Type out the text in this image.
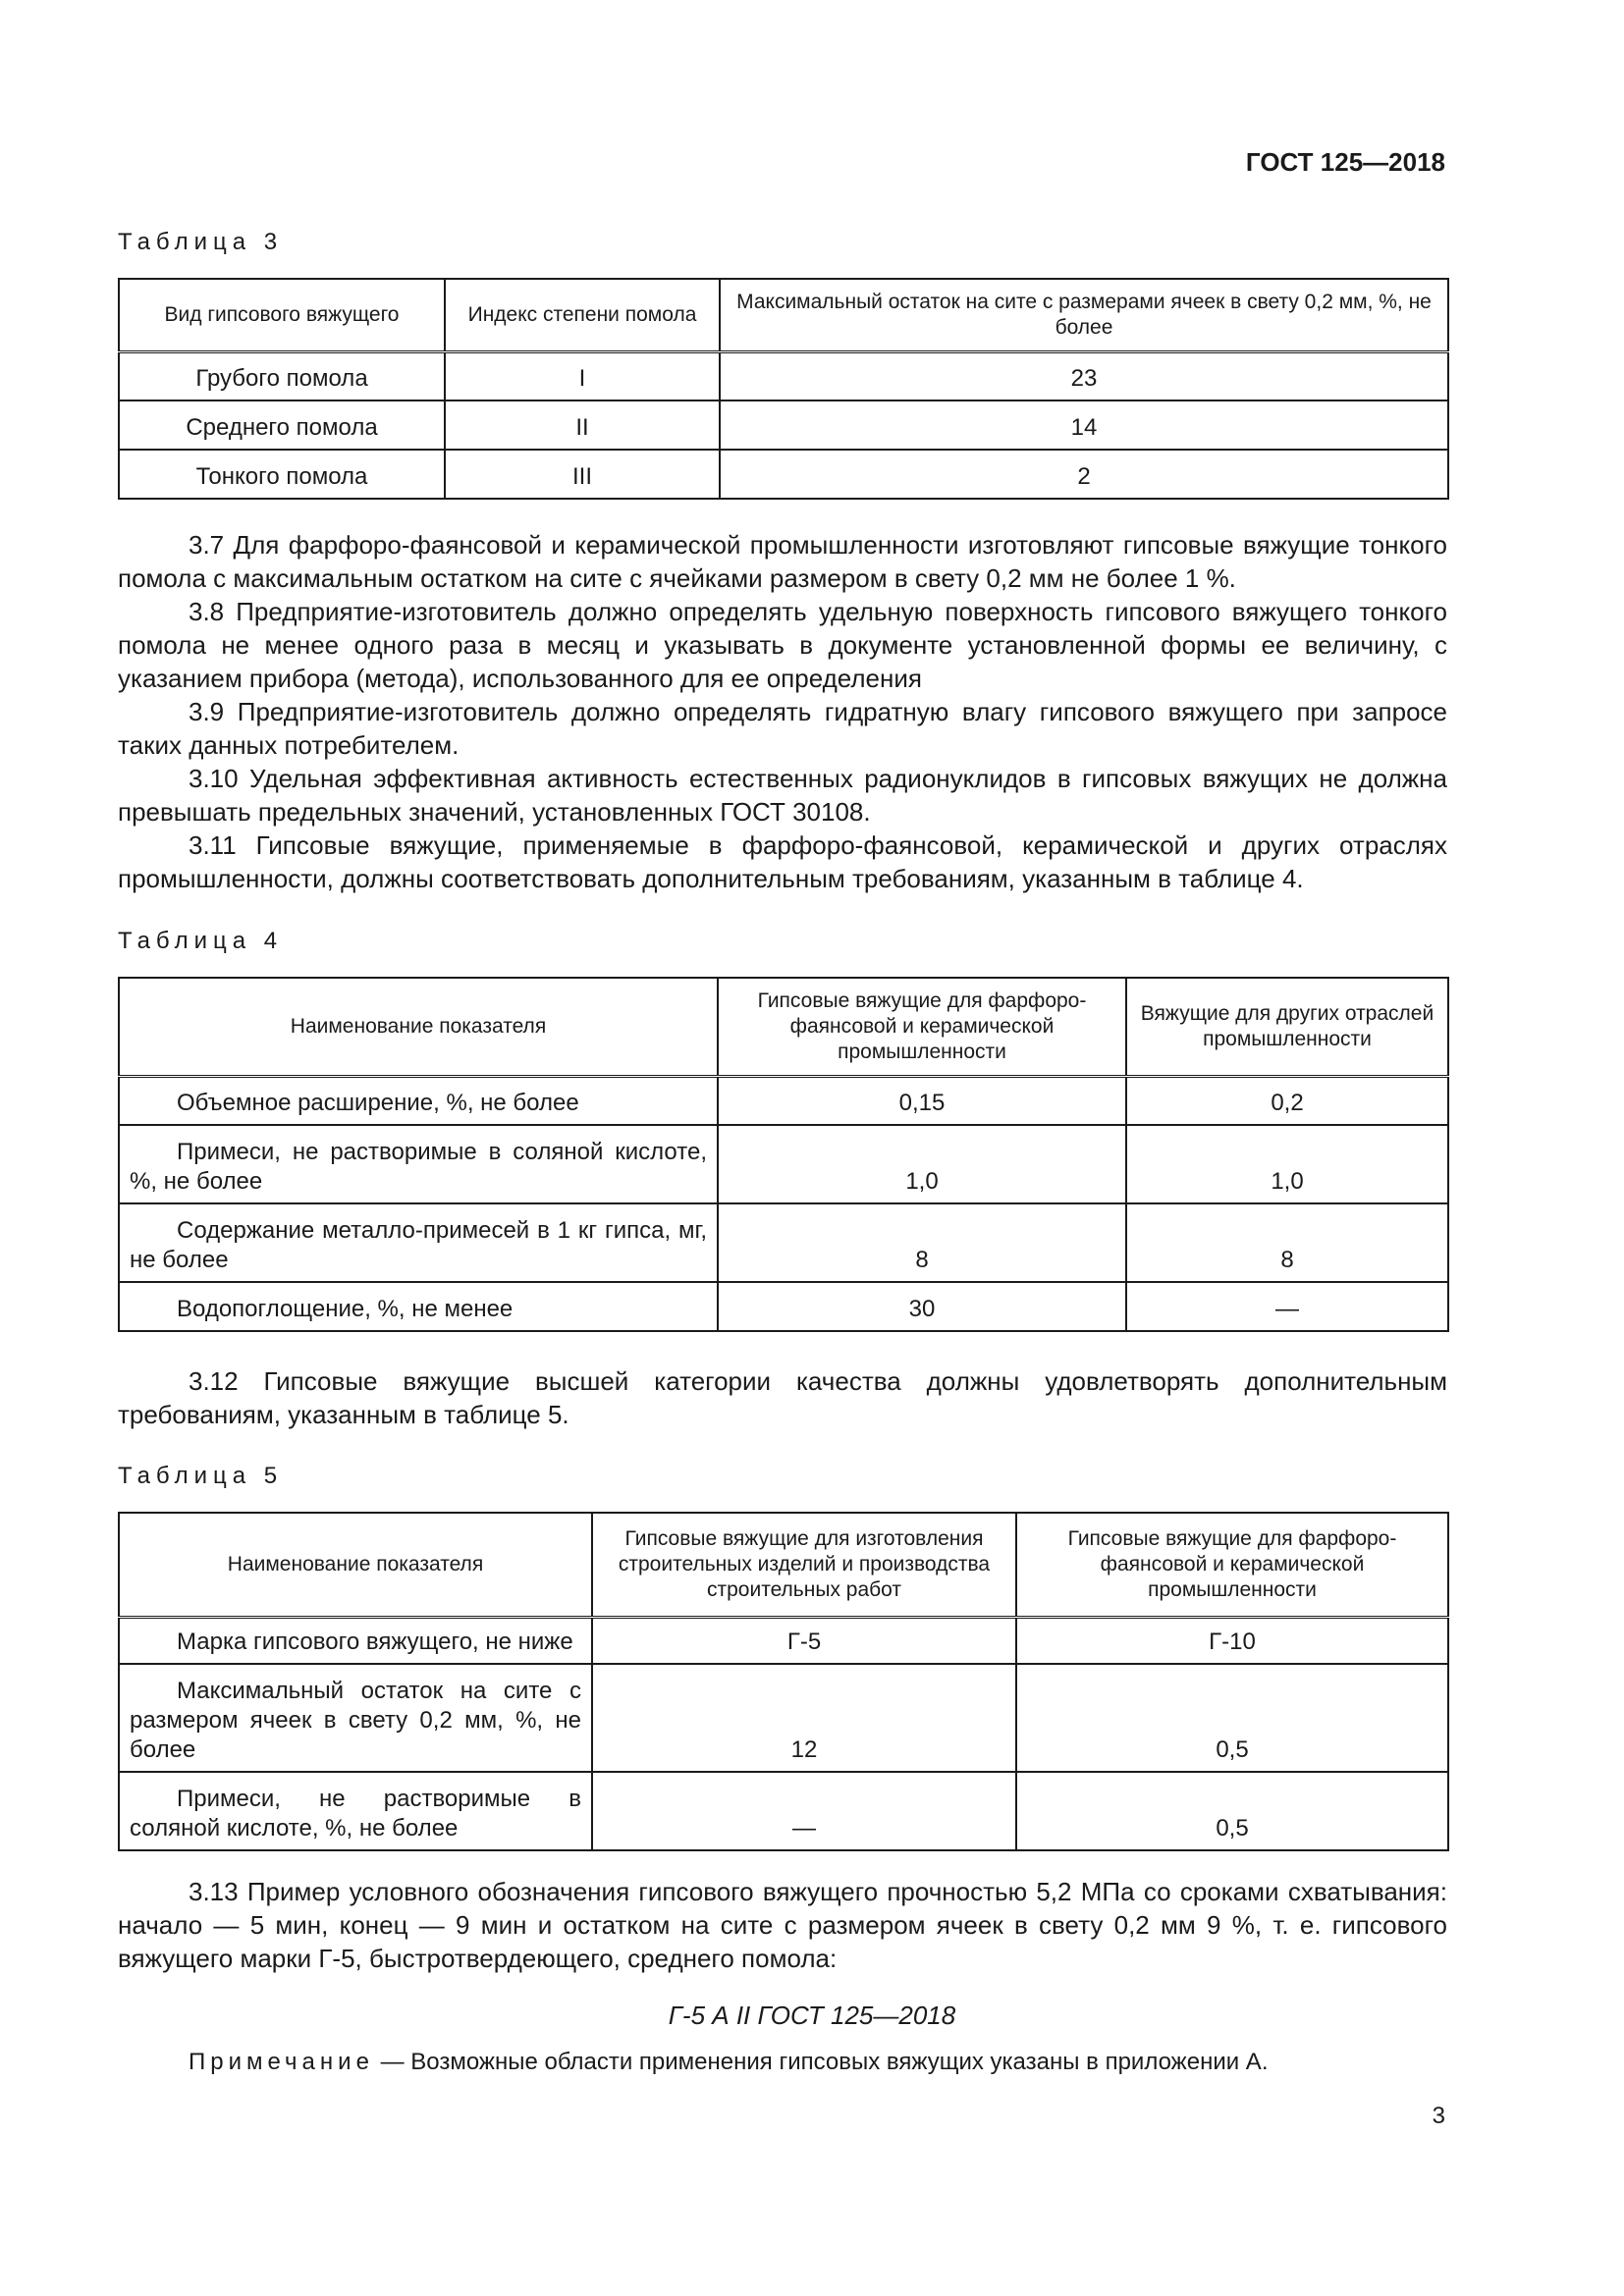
ГОСТ 125—2018
Таблица 3
Вид гипсового вяжущего	Индекс степени помола	Максимальный остаток на сите с размерами ячеек в свету 0,2 мм, %, не более
Грубого помола	I	23
Среднего помола	II	14
Тонкого помола	III	2

3.7 Для фарфоро-фаянсовой и керамической промышленности изготовляют гипсовые вяжущие тонкого помола с максимальным остатком на сите с ячейками размером в свету 0,2 мм не более 1 %.

3.8 Предприятие-изготовитель должно определять удельную поверхность гипсового вяжущего тонкого помола не менее одного раза в месяц и указывать в документе установленной формы ее величину, с указанием прибора (метода), использованного для ее определения

3.9 Предприятие-изготовитель должно определять гидратную влагу гипсового вяжущего при запросе таких данных потребителем.

3.10 Удельная эффективная активность естественных радионуклидов в гипсовых вяжущих не должна превышать предельных значений, установленных ГОСТ 30108.

3.11 Гипсовые вяжущие, применяемые в фарфоро-фаянсовой, керамической и других отраслях промышленности, должны соответствовать дополнительным требованиям, указанным в таблице 4.

Таблица 4
Наименование показателя	Гипсовые вяжущие для фарфоро-фаянсовой и керамической промышленности	Вяжущие для других отраслей промышленности
Объемное расширение, %, не более	0,15	0,2
Примеси, не растворимые в соляной кислоте, %, не более	1,0	1,0
Содержание металло-примесей в 1 кг гипса, мг, не более	8	8
Водопоглощение, %, не менее	30	—

3.12 Гипсовые вяжущие высшей категории качества должны удовлетворять дополнительным требованиям, указанным в таблице 5.

Таблица 5
Наименование показателя	Гипсовые вяжущие для изготовления строительных изделий и производства строительных работ	Гипсовые вяжущие для фарфоро-фаянсовой и керамической промышленности
Марка гипсового вяжущего, не ниже	Г-5	Г-10
Максимальный остаток на сите с размером ячеек в свету 0,2 мм, %, не более	12	0,5
Примеси, не растворимые в соляной кислоте, %, не более	—	0,5

3.13 Пример условного обозначения гипсового вяжущего прочностью 5,2 МПа со сроками схватывания: начало — 5 мин, конец — 9 мин и остатком на сите с размером ячеек в свету 0,2 мм 9 %, т. е. гипсового вяжущего марки Г-5, быстротвердеющего, среднего помола:

Г-5 А II ГОСТ 125—2018
Примечание — Возможные области применения гипсовых вяжущих указаны в приложении А.
3
